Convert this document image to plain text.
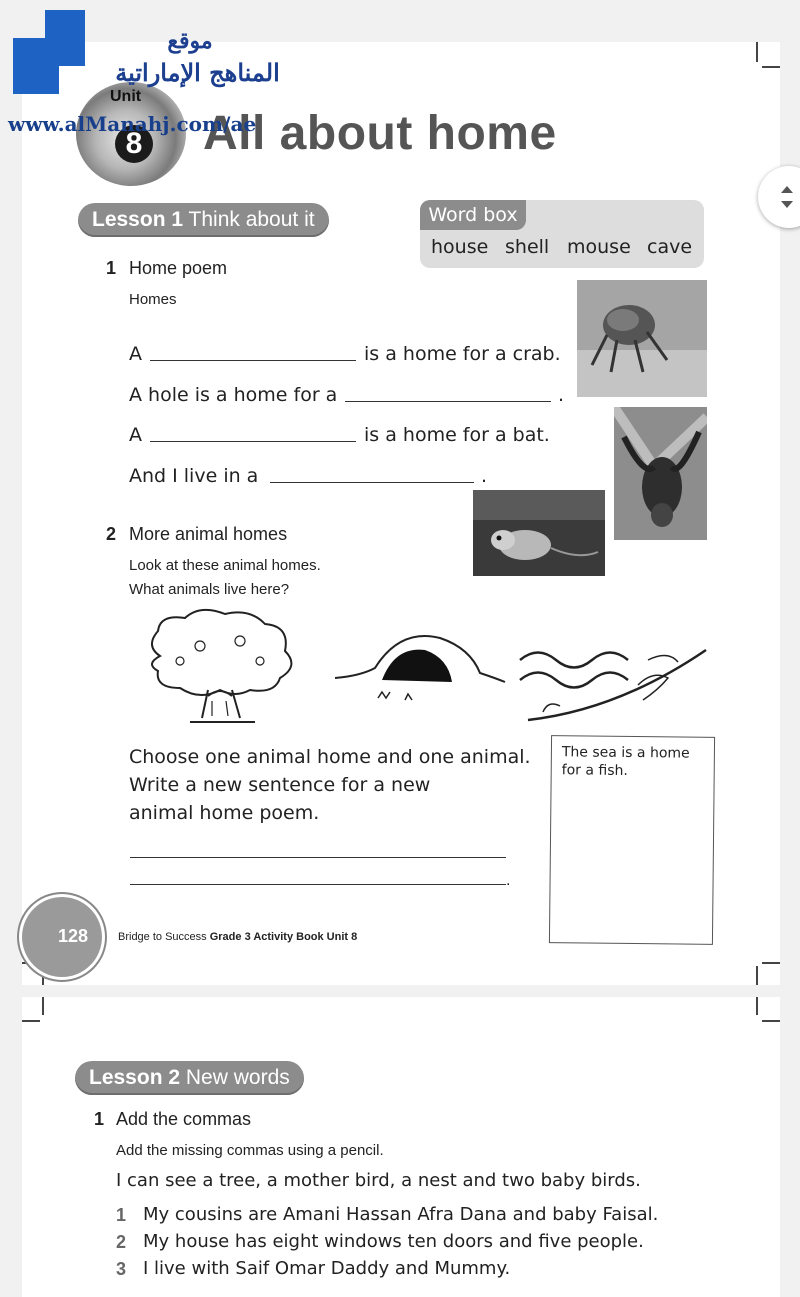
Unit
8 All about home
موقع
المناهج الإماراتية
www.alManahj.com/ae
Lesson 1 Think about it	Word box
house shell mouse cave
1 Home poem
Homes
A	is a home for a crab.
A hole is a home for a	.
A	is a home for a bat.
And I live in a	.
2 More animal homes
Look at these animal homes.
What animals live here?
Choose one animal home and one animal.
Write a new sentence for a new
animal home poem.
.
The sea is a home
for a fish.
128	Bridge to Success Grade 3 Activity Book Unit 8
Lesson 2 New words
1 Add the commas
Add the missing commas using a pencil.
I can see a tree, a mother bird, a nest and two baby birds.
1 My cousins are Amani Hassan Afra Dana and baby Faisal.
2 My house has eight windows ten doors and five people.
3 I live with Saif Omar Daddy and Mummy.
